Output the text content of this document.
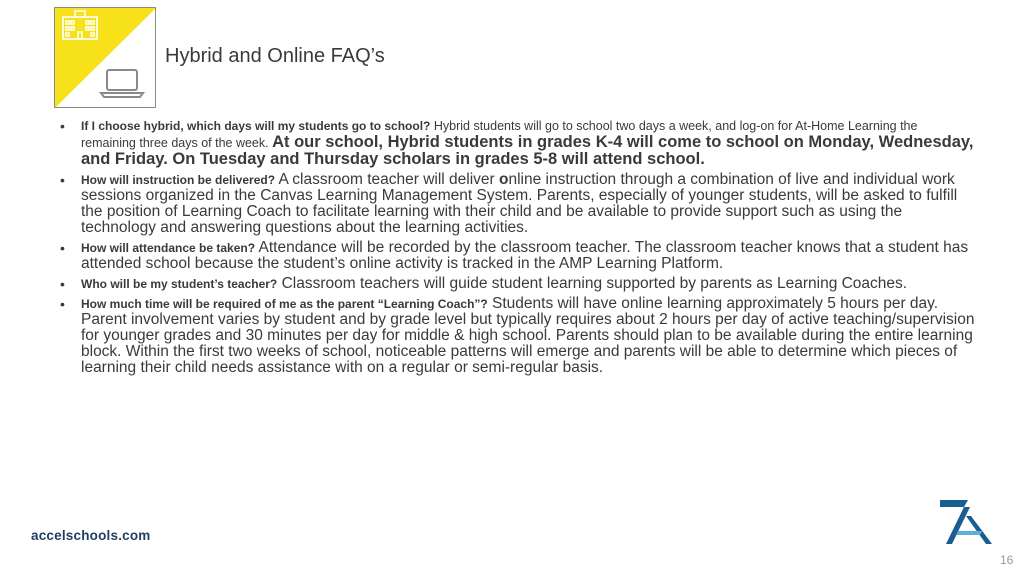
Hybrid and Online FAQ’s
• If I choose hybrid, which days will my students go to school? Hybrid students will go to school two days a week, and log-on for At-Home Learning the remaining three days of the week. At our school, Hybrid students in grades K-4 will come to school on Monday, Wednesday, and Friday. On Tuesday and Thursday scholars in grades 5-8 will attend school.
• How will instruction be delivered? A classroom teacher will deliver online instruction through a combination of live and individual work sessions organized in the Canvas Learning Management System. Parents, especially of younger students, will be asked to fulfill the position of Learning Coach to facilitate learning with their child and be available to provide support such as using the technology and answering questions about the learning activities.
• How will attendance be taken? Attendance will be recorded by the classroom teacher. The classroom teacher knows that a student has attended school because the student’s online activity is tracked in the AMP Learning Platform.
• Who will be my student’s teacher? Classroom teachers will guide student learning supported by parents as Learning Coaches.
• How much time will be required of me as the parent “Learning Coach”? Students will have online learning approximately 5 hours per day. Parent involvement varies by student and by grade level but typically requires about 2 hours per day of active teaching/supervision for younger grades and 30 minutes per day for middle & high school. Parents should plan to be available during the entire learning block. Within the first two weeks of school, noticeable patterns will emerge and parents will be able to determine which pieces of learning their child needs assistance with on a regular or semi-regular basis.
accelschools.com
16
